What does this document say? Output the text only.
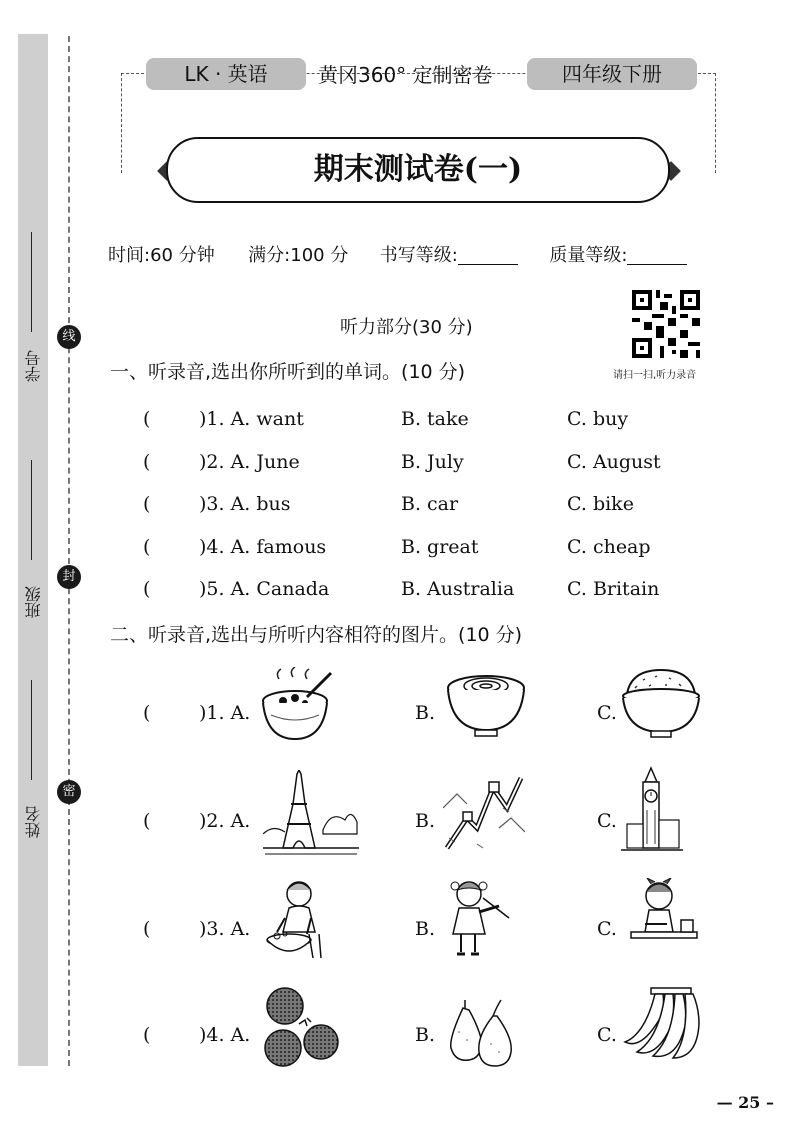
学号
班级
姓名
线
封
密
LK · 英语	黄冈360° 定制密卷	四年级下册
期末测试卷(一)
时间:60 分钟 满分:100 分 书写等级:	质量等级:
听力部分(30 分)
请扫一扫,听力录音
一、听录音,选出你所听到的单词。(10 分)
(	)1. A. want	B. take	C. buy
(	)2. A. June	B. July	C. August
(	)3. A. bus	B. car	C. bike
(	)4. A. famous	B. great	C. cheap
(	)5. A. Canada	B. Australia	C. Britain
二、听录音,选出与所听内容相符的图片。(10 分)
(	)1. A.	B.	C.
(	)2. A.	B.	C.
(	)3. A.	B.	C.
(	)4. A.	B.	C.
— 25 –
